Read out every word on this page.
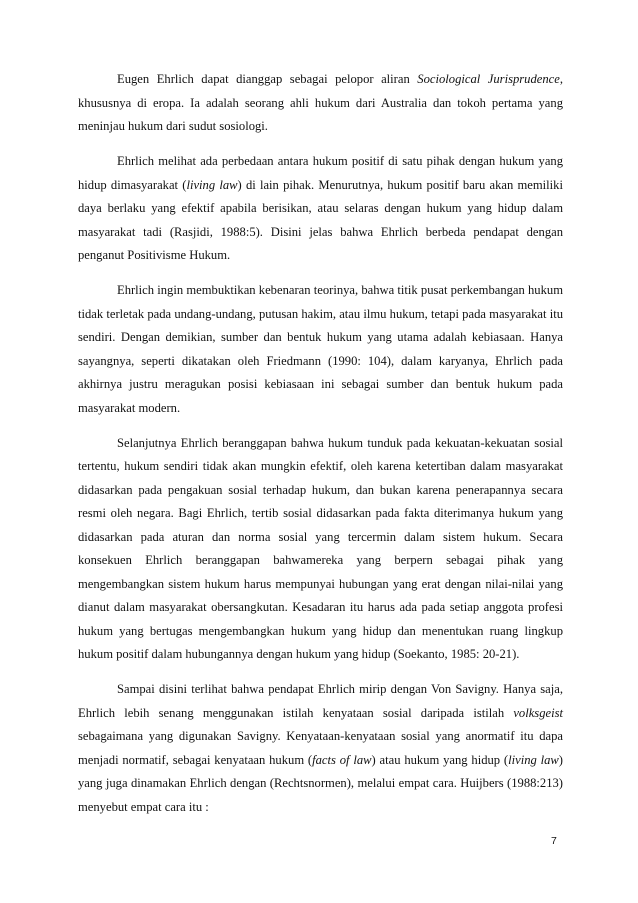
Eugen Ehrlich dapat dianggap sebagai pelopor aliran Sociological Jurisprudence, khususnya di eropa. Ia adalah seorang ahli hukum dari Australia dan tokoh pertama yang meninjau hukum dari sudut sosiologi.

Ehrlich melihat ada perbedaan antara hukum positif di satu pihak dengan hukum yang hidup dimasyarakat (living law) di lain pihak. Menurutnya, hukum positif baru akan memiliki daya berlaku yang efektif apabila berisikan, atau selaras dengan hukum yang hidup dalam masyarakat tadi (Rasjidi, 1988:5). Disini jelas bahwa Ehrlich berbeda pendapat dengan penganut Positivisme Hukum.

Ehrlich ingin membuktikan kebenaran teorinya, bahwa titik pusat perkembangan hukum tidak terletak pada undang-undang, putusan hakim, atau ilmu hukum, tetapi pada masyarakat itu sendiri. Dengan demikian, sumber dan bentuk hukum yang utama adalah kebiasaan. Hanya sayangnya, seperti dikatakan oleh Friedmann (1990: 104), dalam karyanya, Ehrlich pada akhirnya justru meragukan posisi kebiasaan ini sebagai sumber dan bentuk hukum pada masyarakat modern.

Selanjutnya Ehrlich beranggapan bahwa hukum tunduk pada kekuatan-kekuatan sosial tertentu, hukum sendiri tidak akan mungkin efektif, oleh karena ketertiban dalam masyarakat didasarkan pada pengakuan sosial terhadap hukum, dan bukan karena penerapannya secara resmi oleh negara. Bagi Ehrlich, tertib sosial didasarkan pada fakta diterimanya hukum yang didasarkan pada aturan dan norma sosial yang tercermin dalam sistem hukum. Secara konsekuen Ehrlich beranggapan bahwamereka yang berpern sebagai pihak yang mengembangkan sistem hukum harus mempunyai hubungan yang erat dengan nilai-nilai yang dianut dalam masyarakat obersangkutan. Kesadaran itu harus ada pada setiap anggota profesi hukum yang bertugas mengembangkan hukum yang hidup dan menentukan ruang lingkup hukum positif dalam hubungannya dengan hukum yang hidup (Soekanto, 1985: 20-21).

Sampai disini terlihat bahwa pendapat Ehrlich mirip dengan Von Savigny. Hanya saja, Ehrlich lebih senang menggunakan istilah kenyataan sosial daripada istilah volksgeist sebagaimana yang digunakan Savigny. Kenyataan-kenyataan sosial yang anormatif itu dapa menjadi normatif, sebagai kenyataan hukum (facts of law) atau hukum yang hidup (living law) yang juga dinamakan Ehrlich dengan (Rechtsnormen), melalui empat cara. Huijbers (1988:213) menyebut empat cara itu :

7
